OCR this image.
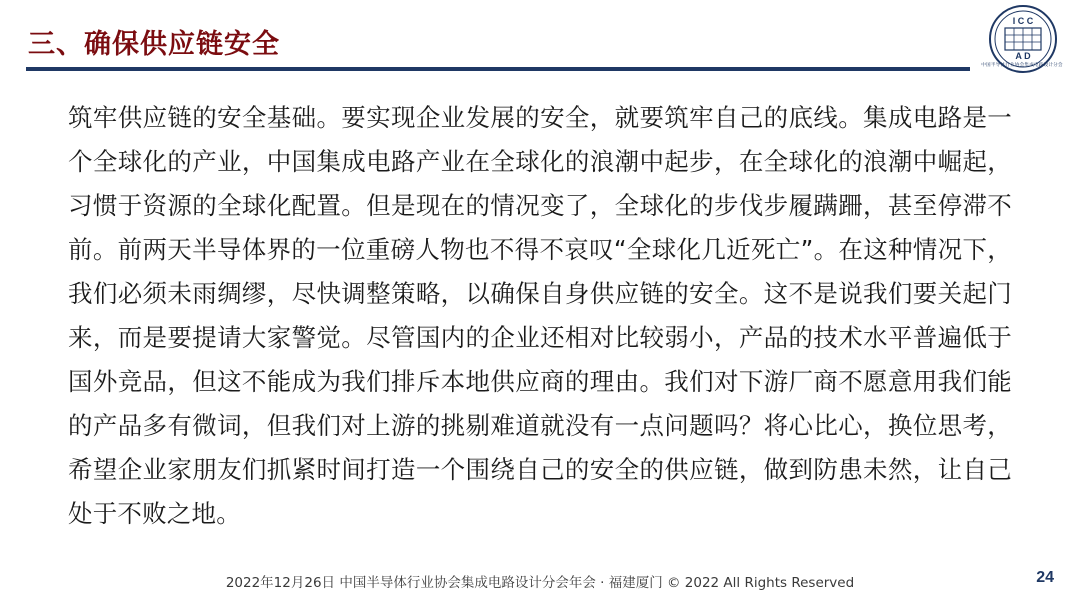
三、确保供应链安全
I C C
A D
中国半导体行业协会集成电路设计分会
筑牢供应链的安全基础。要实现企业发展的安全，就要筑牢自己的底线。集成电路是一个全球化的产业，中国集成电路产业在全球化的浪潮中起步，在全球化的浪潮中崛起，习惯于资源的全球化配置。但是现在的情况变了，全球化的步伐步履蹒跚，甚至停滞不前。前两天半导体界的一位重磅人物也不得不哀叹“全球化几近死亡”。在这种情况下，我们必须未雨绸缪，尽快调整策略，以确保自身供应链的安全。这不是说我们要关起门来，而是要提请大家警觉。尽管国内的企业还相对比较弱小，产品的技术水平普遍低于国外竞品，但这不能成为我们排斥本地供应商的理由。我们对下游厂商不愿意用我们能的产品多有微词，但我们对上游的挑剔难道就没有一点问题吗？将心比心，换位思考，希望企业家朋友们抓紧时间打造一个围绕自己的安全的供应链，做到防患未然，让自己处于不败之地。
2022年12月26日 中国半导体行业协会集成电路设计分会年会 · 福建厦门 © 2022 All Rights Reserved	24
